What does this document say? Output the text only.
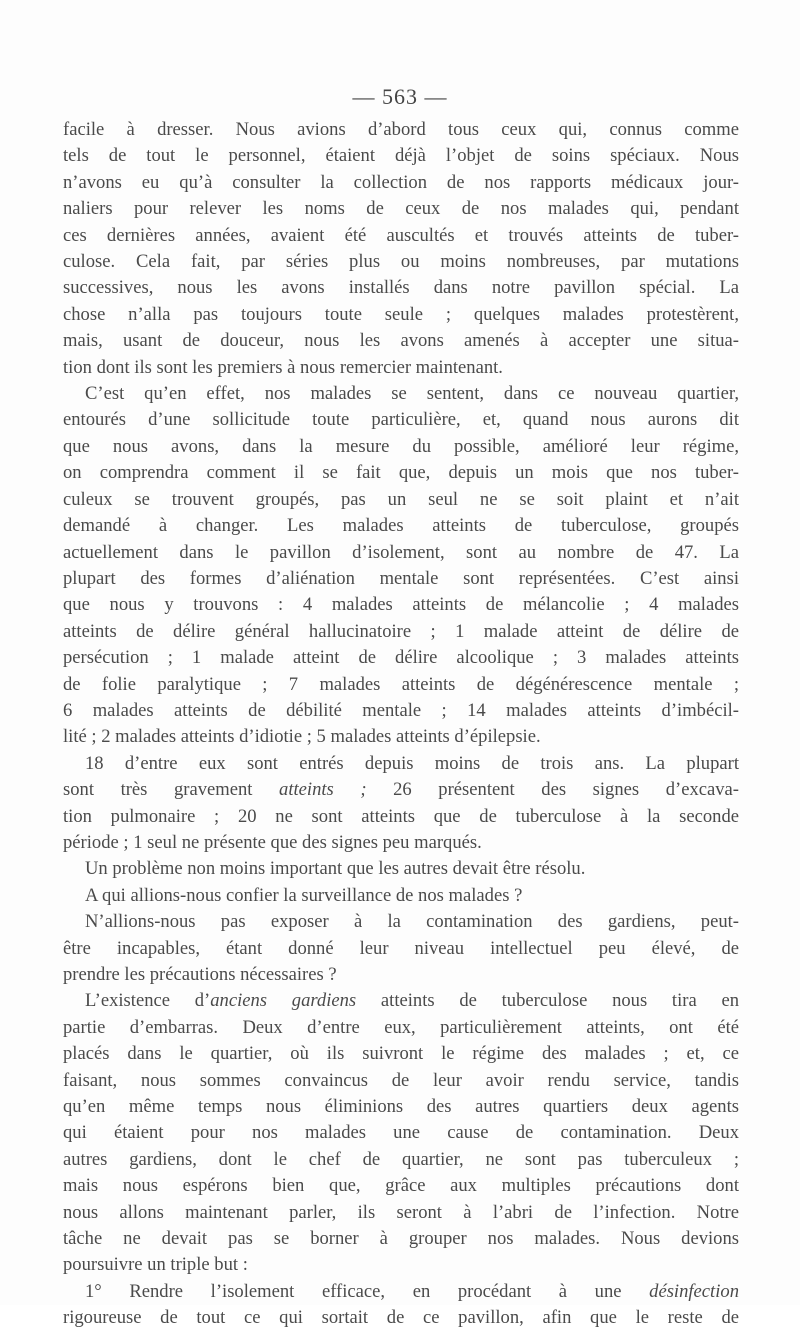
— 563 —
facile à dresser. Nous avions d’abord tous ceux qui, connus comme
tels de tout le personnel, étaient déjà l’objet de soins spéciaux. Nous
n’avons eu qu’à consulter la collection de nos rapports médicaux jour-
naliers pour relever les noms de ceux de nos malades qui, pendant
ces dernières années, avaient été auscultés et trouvés atteints de tuber-
culose. Cela fait, par séries plus ou moins nombreuses, par mutations
successives, nous les avons installés dans notre pavillon spécial. La
chose n’alla pas toujours toute seule ; quelques malades protestèrent,
mais, usant de douceur, nous les avons amenés à accepter une situa-
tion dont ils sont les premiers à nous remercier maintenant.
C’est qu’en effet, nos malades se sentent, dans ce nouveau quartier,
entourés d’une sollicitude toute particulière, et, quand nous aurons dit
que nous avons, dans la mesure du possible, amélioré leur régime,
on comprendra comment il se fait que, depuis un mois que nos tuber-
culeux se trouvent groupés, pas un seul ne se soit plaint et n’ait
demandé à changer. Les malades atteints de tuberculose, groupés
actuellement dans le pavillon d’isolement, sont au nombre de 47. La
plupart des formes d’aliénation mentale sont représentées. C’est ainsi
que nous y trouvons : 4 malades atteints de mélancolie ; 4 malades
atteints de délire général hallucinatoire ; 1 malade atteint de délire de
persécution ; 1 malade atteint de délire alcoolique ; 3 malades atteints
de folie paralytique ; 7 malades atteints de dégénérescence mentale ;
6 malades atteints de débilité mentale ; 14 malades atteints d’imbécil-
lité ; 2 malades atteints d’idiotie ; 5 malades atteints d’épilepsie.
18 d’entre eux sont entrés depuis moins de trois ans. La plupart
sont très gravement atteints ; 26 présentent des signes d’excava-
tion pulmonaire ; 20 ne sont atteints que de tuberculose à la seconde
période ; 1 seul ne présente que des signes peu marqués.
Un problème non moins important que les autres devait être résolu.
A qui allions-nous confier la surveillance de nos malades ?
N’allions-nous pas exposer à la contamination des gardiens, peut-
être incapables, étant donné leur niveau intellectuel peu élevé, de
prendre les précautions nécessaires ?
L’existence d’anciens gardiens atteints de tuberculose nous tira en
partie d’embarras. Deux d’entre eux, particulièrement atteints, ont été
placés dans le quartier, où ils suivront le régime des malades ; et, ce
faisant, nous sommes convaincus de leur avoir rendu service, tandis
qu’en même temps nous éliminions des autres quartiers deux agents
qui étaient pour nos malades une cause de contamination. Deux
autres gardiens, dont le chef de quartier, ne sont pas tuberculeux ;
mais nous espérons bien que, grâce aux multiples précautions dont
nous allons maintenant parler, ils seront à l’abri de l’infection. Notre
tâche ne devait pas se borner à grouper nos malades. Nous devions
poursuivre un triple but :
1° Rendre l’isolement efficace, en procédant à une désinfection
rigoureuse de tout ce qui sortait de ce pavillon, afin que le reste de
